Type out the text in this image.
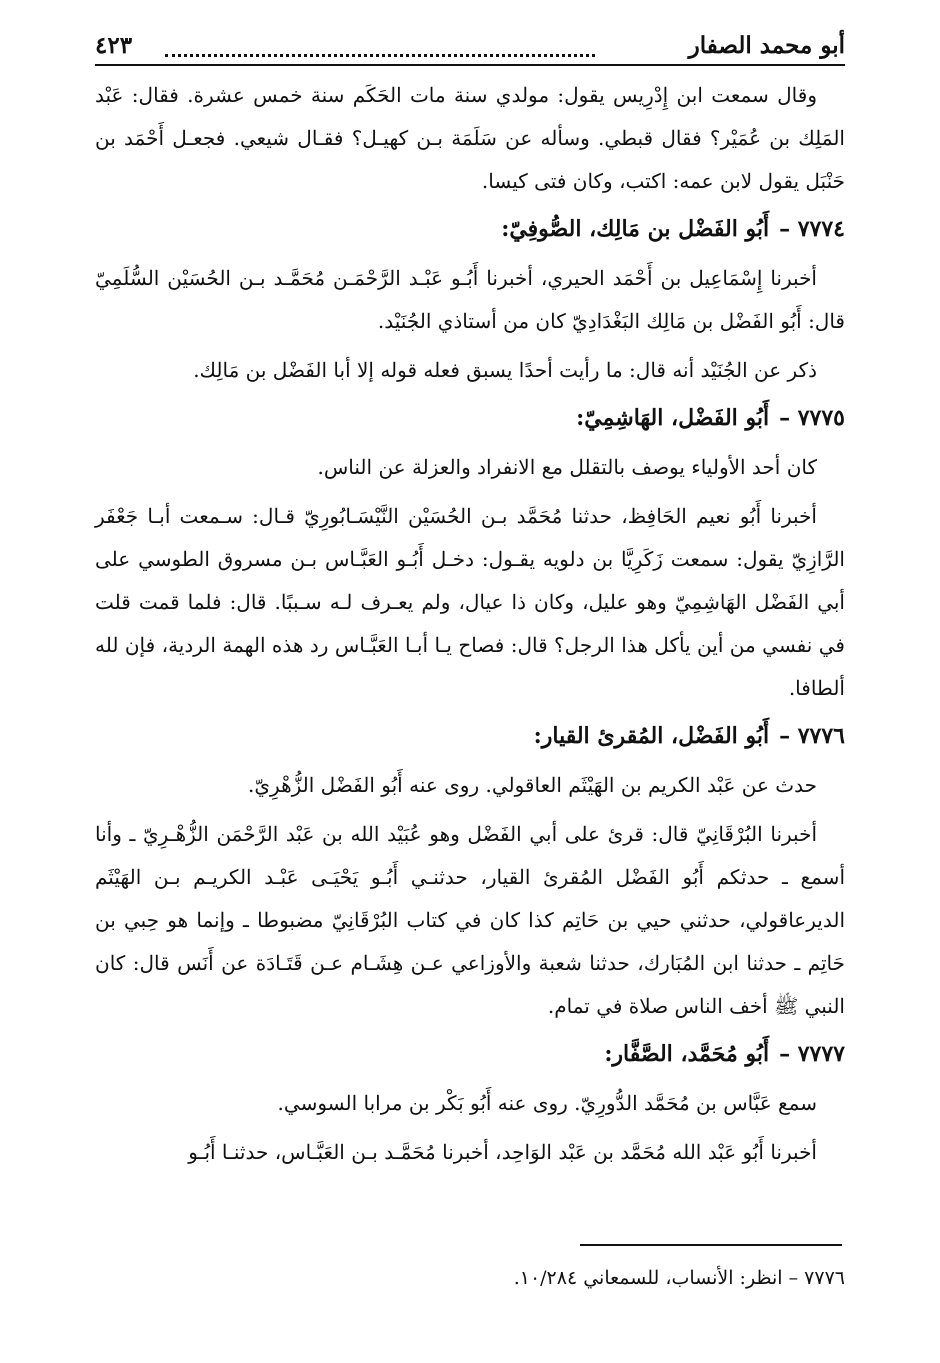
أبو محمد الصفار
٤٢٣

وقال سمعت ابن إِدْرِيس يقول: مولدي سنة مات الحَكَم سنة خمس عشرة. فقال: عَبْد المَلِك بن عُمَيْر؟ فقال قبطي. وسأله عن سَلَمَة بـن كهيـل؟ فقـال شيعي. فجعـل أَحْمَد بن حَنْبَل يقول لابن عمه: اكتب، وكان فتى كيسا.

٧٧٧٤ –أَبُو الفَضْل بن مَالِك، الصُّوفِيّ:

أخبرنا إِسْمَاعِيل بن أَحْمَد الحيري، أخبرنا أَبُـو عَبْـد الرَّحْمَـن مُحَمَّـد بـن الحُسَيْن السُّلَمِيّ قال: أَبُو الفَضْل بن مَالِك البَغْدَادِيّ كان من أستاذي الجُنَيْد.

ذكر عن الجُنَيْد أنه قال: ما رأيت أحدًا يسبق فعله قوله إلا أبا الفَضْل بن مَالِك.

٧٧٧٥ –أَبُو الفَضْل، الهَاشِمِيّ:

كان أحد الأولياء يوصف بالتقلل مع الانفراد والعزلة عن الناس.

أخبرنا أَبُو نعيم الحَافِظ، حدثنا مُحَمَّد بـن الحُسَيْن النَّيْسَـابُورِيّ قـال: سـمعت أبـا جَعْفَر الرَّازِيّ يقول: سمعت زَكَرِيَّا بن دلويه يقـول: دخـل أَبُـو العَبَّـاس بـن مسروق الطوسي على أبي الفَضْل الهَاشِمِيّ وهو عليل، وكان ذا عيال، ولم يعـرف لـه سـببًا. قال: فلما قمت قلت في نفسي من أين يأكل هذا الرجل؟ قال: فصاح يـا أبـا العَبَّـاس رد هذه الهمة الردية، فإن لله ألطافا.

٧٧٧٦ –أَبُو الفَضْل، المُقرئ القيار:

حدث عن عَبْد الكريم بن الهَيْثَم العاقولي. روى عنه أَبُو الفَضْل الزُّهْرِيّ.

أخبرنا البُرْقَانِيّ قال: قرئ على أبي الفَضْل وهو عُبَيْد الله بن عَبْد الرَّحْمَن الزُّهْـرِيّ ـ وأنا أسمع ـ حدثكم أَبُو الفَضْل المُقرئ القيار، حدثنـي أَبُـو يَحْيَـى عَبْـد الكريـم بـن الهَيْثَم الديرعاقولي، حدثني حيي بن حَاتِم كذا كان في كتاب البُرْقَانِيّ مضبوطا ـ وإنما هو حِبي بن حَاتِم ـ حدثنا ابن المُبَارك، حدثنا شعبة والأوزاعي عـن هِشَـام عـن قَتَـادَة عن أَنَس قال: كان النبي ﷺ أخف الناس صلاة في تمام.

٧٧٧٧ –أَبُو مُحَمَّد، الصَّفَّار:

سمع عَبَّاس بن مُحَمَّد الدُّورِيّ. روى عنه أَبُو بَكْر بن مرابا السوسي.

أخبرنا أَبُو عَبْد الله مُحَمَّد بن عَبْد الوَاحِد، أخبرنا مُحَمَّـد بـن العَبَّـاس، حدثنـا أَبُـو

٧٧٧٦ – انظر: الأنساب، للسمعاني ١٠/٢٨٤.
